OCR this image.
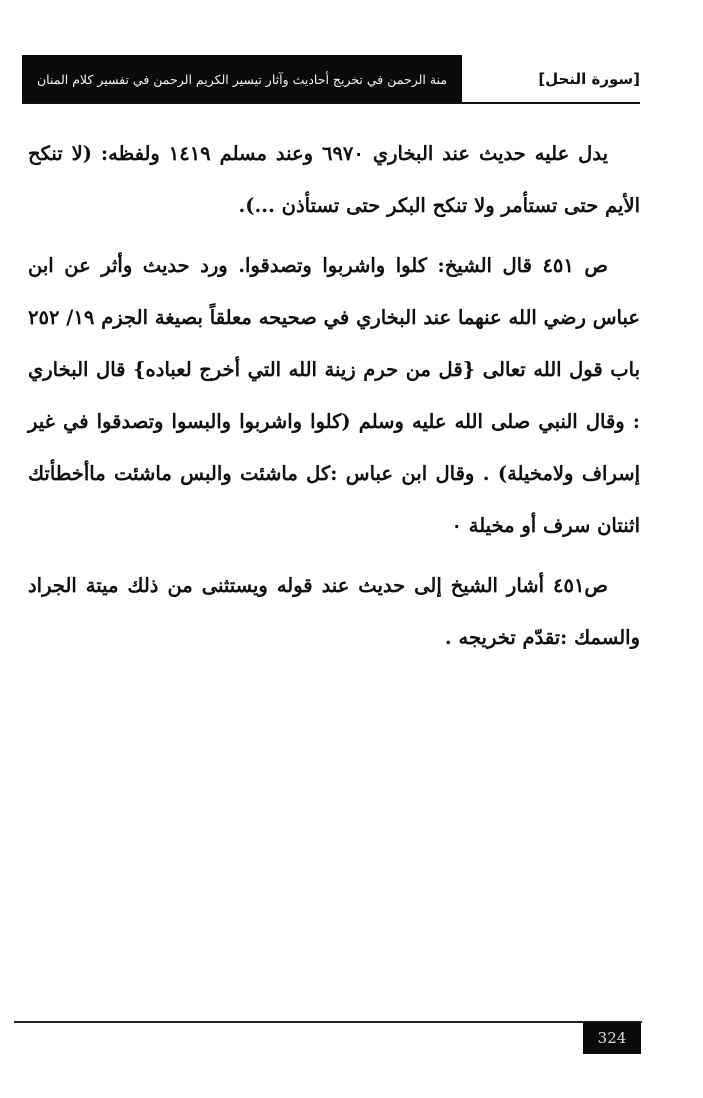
منة الرحمن في تخريج أحاديث وآثار تيسير الكريم الرحمن في تفسير كلام المنان	[سورة النحل]

يدل عليه حديث عند البخاري ٦٩٧٠ وعند مسلم ١٤١٩ ولفظه: (لا تنكح الأيم حتى تستأمر ولا تنكح البكر حتى تستأذن ...).

ص ٤٥١ قال الشيخ: كلوا واشربوا وتصدقوا. ورد حديث وأثر عن ابن عباس رضي الله عنهما عند البخاري في صحيحه معلقاً بصيغة الجزم ١٩/ ٢٥٢ باب قول الله تعالى {قل من حرم زينة الله التي أخرج لعباده} قال البخاري : وقال النبي صلى الله عليه وسلم (كلوا واشربوا والبسوا وتصدقوا في غير إسراف ولامخيلة) . وقال ابن عباس :كل ماشئت والبس ماشئت ماأخطأتك اثنتان سرف أو مخيلة ٠

ص٤٥١ أشار الشيخ إلى حديث عند قوله ويستثنى من ذلك ميتة الجراد والسمك :تقدّم تخريجه .

324
